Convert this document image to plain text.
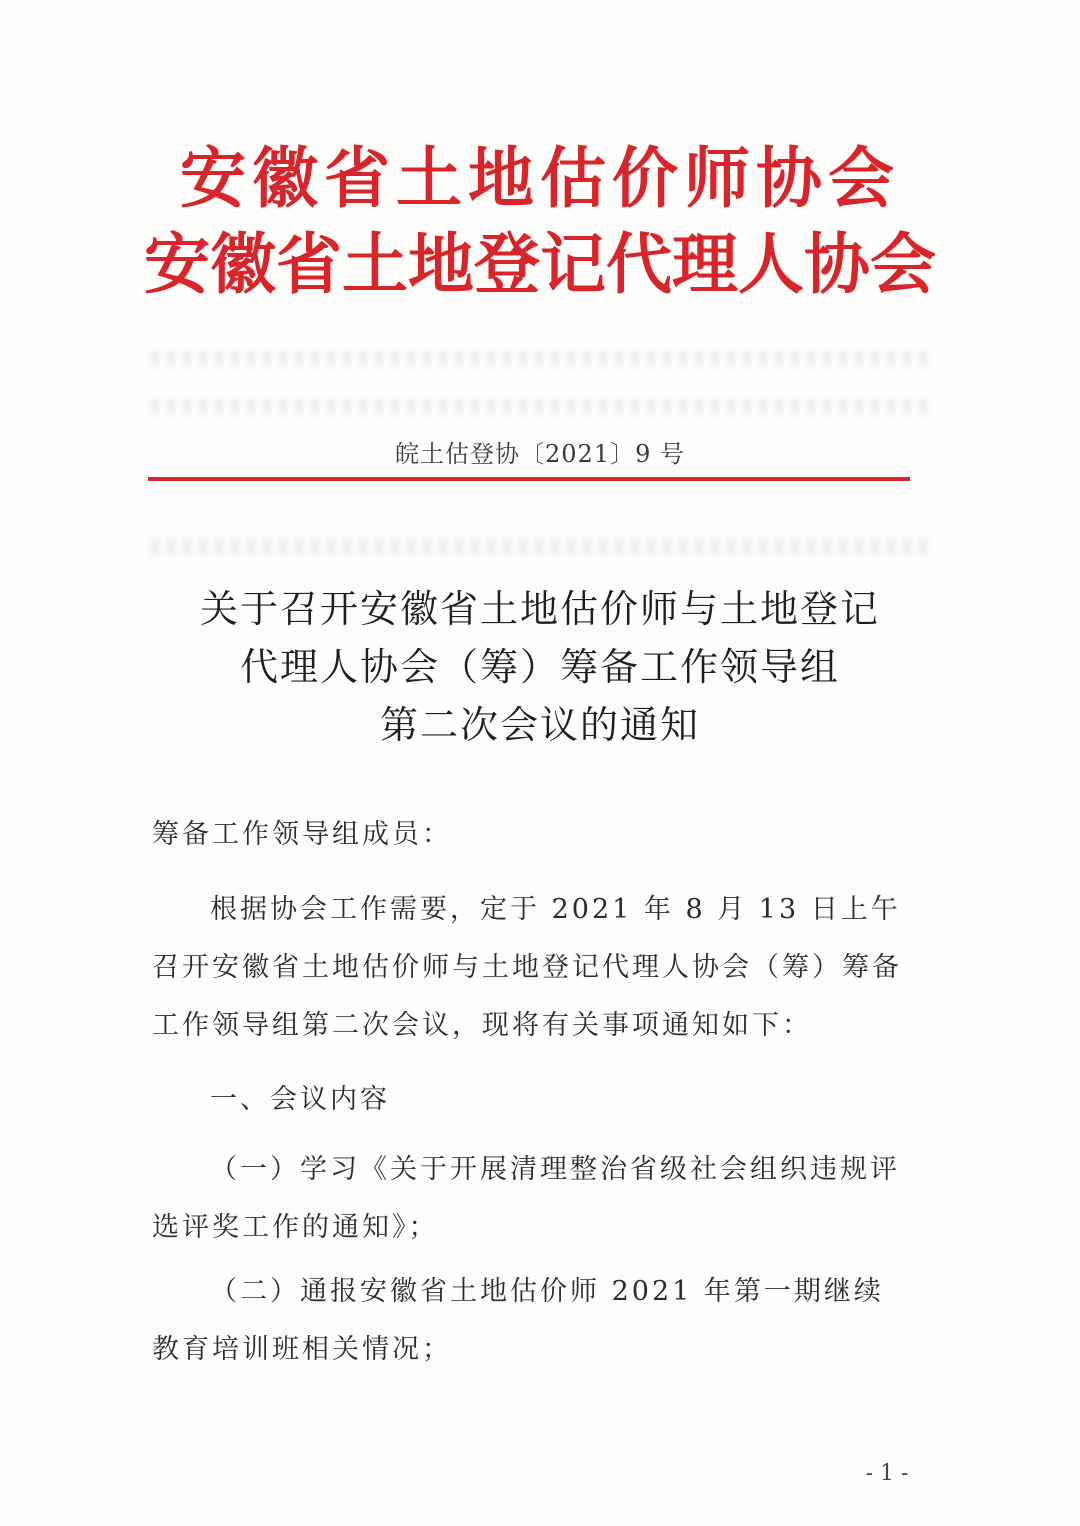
安徽省土地估价师协会
安徽省土地登记代理人协会
皖土估登协〔2021〕9 号
关于召开安徽省土地估价师与土地登记
代理人协会（筹）筹备工作领导组
第二次会议的通知
筹备工作领导组成员：
根据协会工作需要，定于 2021 年 8 月 13 日上午召开安徽省土地估价师与土地登记代理人协会（筹）筹备工作领导组第二次会议，现将有关事项通知如下：
一、会议内容
（一）学习《关于开展清理整治省级社会组织违规评选评奖工作的通知》；
（二）通报安徽省土地估价师 2021 年第一期继续教育培训班相关情况；
- 1 -
